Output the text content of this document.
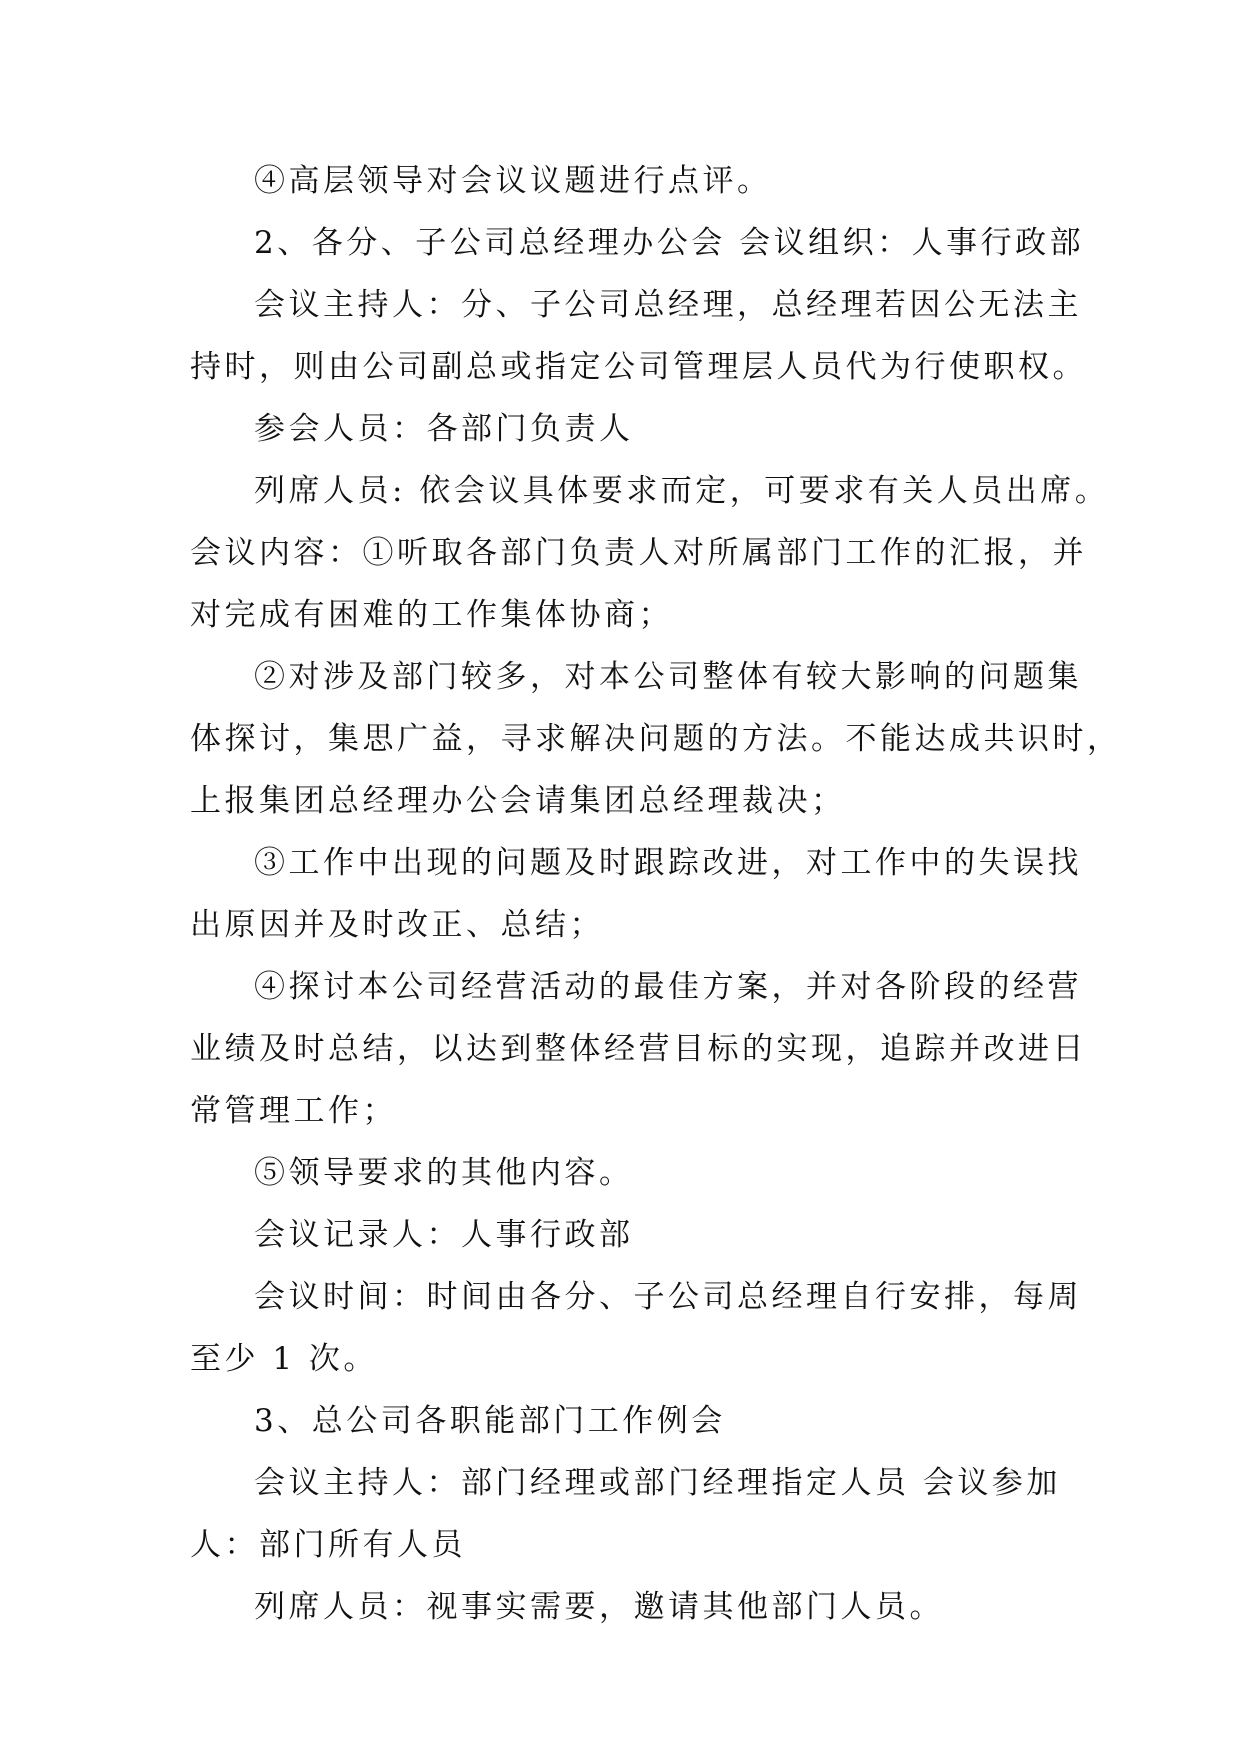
④高层领导对会议议题进行点评。
2、各分、子公司总经理办公会 会议组织：人事行政部
会议主持人：分、子公司总经理，总经理若因公无法主
持时，则由公司副总或指定公司管理层人员代为行使职权。
参会人员：各部门负责人
列席人员: 依会议具体要求而定，可要求有关人员出席。
会议内容：①听取各部门负责人对所属部门工作的汇报，并
对完成有困难的工作集体协商；
②对涉及部门较多，对本公司整体有较大影响的问题集
体探讨，集思广益，寻求解决问题的方法。不能达成共识时，
上报集团总经理办公会请集团总经理裁决；
③工作中出现的问题及时跟踪改进，对工作中的失误找
出原因并及时改正、总结；
④探讨本公司经营活动的最佳方案，并对各阶段的经营
业绩及时总结，以达到整体经营目标的实现，追踪并改进日
常管理工作；
⑤领导要求的其他内容。
会议记录人：人事行政部
会议时间：时间由各分、子公司总经理自行安排，每周
至少 1 次。
3、总公司各职能部门工作例会
会议主持人：部门经理或部门经理指定人员 会议参加
人：部门所有人员
列席人员：视事实需要，邀请其他部门人员。
